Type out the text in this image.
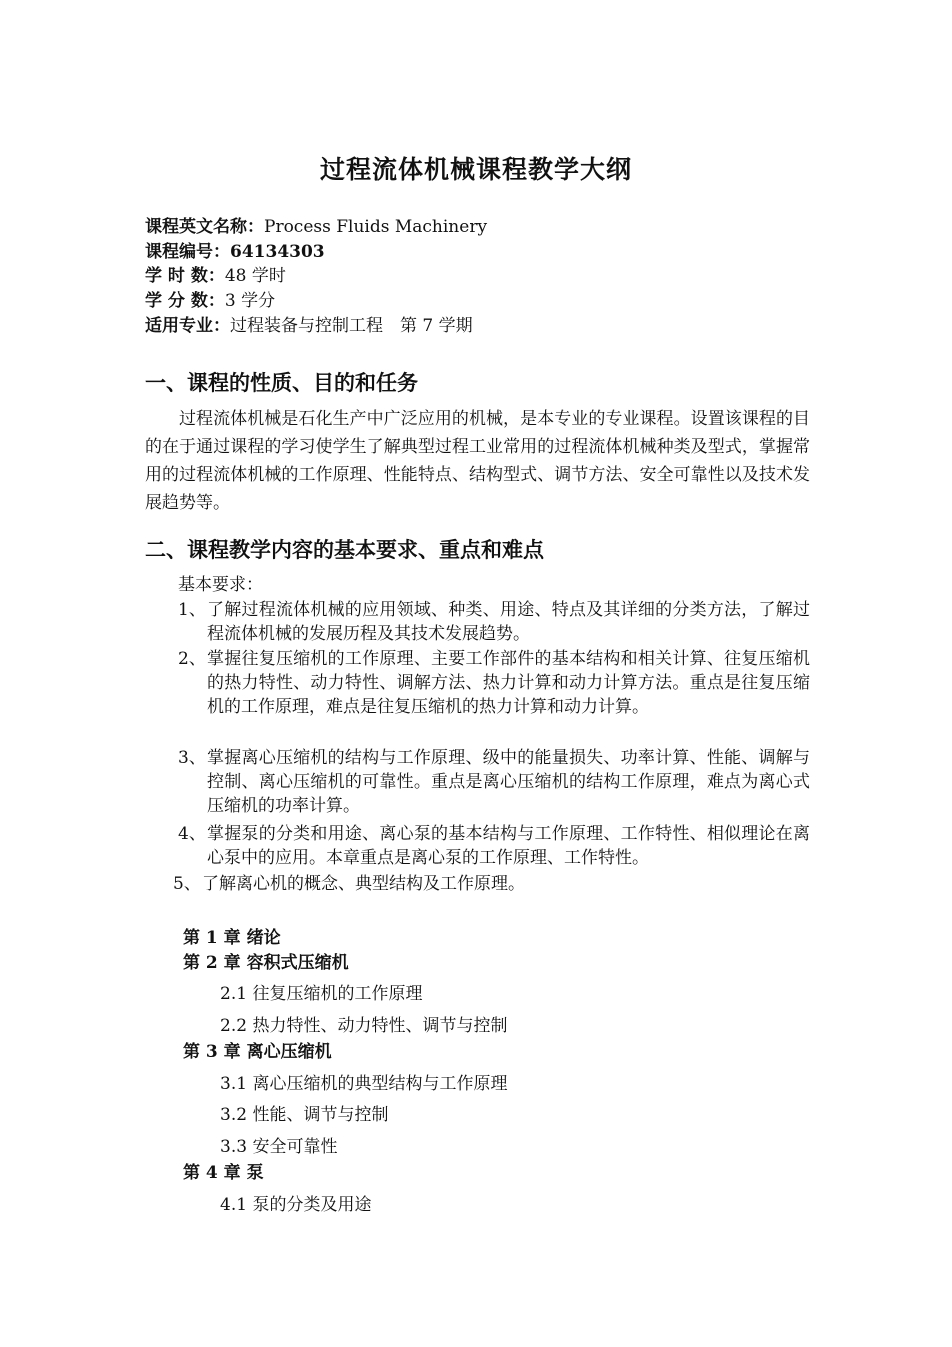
过程流体机械课程教学大纲
课程英文名称：Process Fluids Machinery
课程编号：64134303
学 时 数：48 学时
学 分 数：3 学分
适用专业：过程装备与控制工程　第 7 学期
一、课程的性质、目的和任务
过程流体机械是石化生产中广泛应用的机械，是本专业的专业课程。设置该课程的目的在于通过课程的学习使学生了解典型过程工业常用的过程流体机械种类及型式，掌握常用的过程流体机械的工作原理、性能特点、结构型式、调节方法、安全可靠性以及技术发展趋势等。
二、课程教学内容的基本要求、重点和难点
基本要求：
1、 了解过程流体机械的应用领域、种类、用途、特点及其详细的分类方法，了解过程流体机械的发展历程及其技术发展趋势。
2、 掌握往复压缩机的工作原理、主要工作部件的基本结构和相关计算、往复压缩机的热力特性、动力特性、调解方法、热力计算和动力计算方法。重点是往复压缩机的工作原理，难点是往复压缩机的热力计算和动力计算。
3、 掌握离心压缩机的结构与工作原理、级中的能量损失、功率计算、性能、调解与控制、离心压缩机的可靠性。重点是离心压缩机的结构工作原理，难点为离心式压缩机的功率计算。
4、 掌握泵的分类和用途、离心泵的基本结构与工作原理、工作特性、相似理论在离心泵中的应用。本章重点是离心泵的工作原理、工作特性。
5、 了解离心机的概念、典型结构及工作原理。
第 1 章 绪论
第 2 章 容积式压缩机
2.1 往复压缩机的工作原理
2.2 热力特性、动力特性、调节与控制
第 3 章 离心压缩机
3.1 离心压缩机的典型结构与工作原理
3.2 性能、调节与控制
3.3 安全可靠性
第 4 章 泵
4.1 泵的分类及用途
